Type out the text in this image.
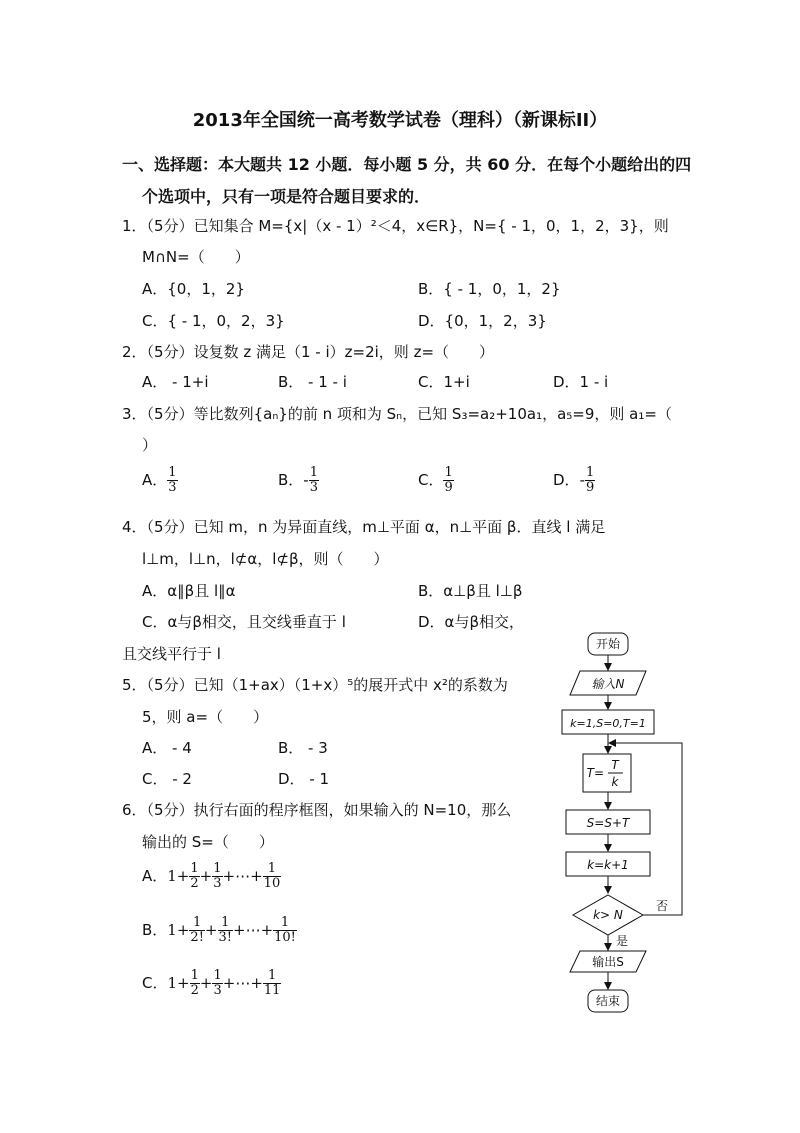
2013年全国统一高考数学试卷（理科）（新课标II）
一、选择题：本大题共 12 小题．每小题 5 分，共 60 分．在每个小题给出的四
个选项中，只有一项是符合题目要求的．
1．（5分）已知集合 M={x|（x - 1）²＜4，x∈R}，N={ - 1，0，1，2，3}，则
M∩N=（　　）
A．{0，1，2}	B．{ - 1，0，1，2}
C．{ - 1，0，2，3}	D．{0，1，2，3}
2．（5分）设复数 z 满足（1 - i）z=2i，则 z=（　　）
A． - 1+i	B． - 1 - i	C．1+i	D．1 - i
3．（5分）等比数列{aₙ}的前 n 项和为 Sₙ，已知 S₃=a₂+10a₁，a₅=9，则 a₁=（
）
A． $\frac{1}{3}$	B．- $\frac{1}{3}$	C． $\frac{1}{9}$	D．- $\frac{1}{9}$
4．（5分）已知 m，n 为异面直线，m⊥平面 α，n⊥平面 β．直线 l 满足
l⊥m，l⊥n，l⊄α，l⊄β，则（　　）
A．α∥β且 l∥α	B．α⊥β且 l⊥β
C．α与β相交，且交线垂直于 l	D．α与β相交，
且交线平行于 l
5．（5分）已知（1+ax）（1+x）⁵的展开式中 x²的系数为
5，则 a=（　　）
A． - 4	B． - 3
C． - 2	D． - 1
6．（5分）执行右面的程序框图，如果输入的 N=10，那么
输出的 S=（　　）
A．$1+ \frac{1}{2} + \frac{1}{3}$ +⋯+ $\frac{1}{10}$
B．$1+ \frac{1}{2!} + \frac{1}{3!}$ +⋯+ $\frac{1}{10!}$
C．$1+ \frac{1}{2} + \frac{1}{3}$ +⋯+ $\frac{1}{11}$
开始
输入N
k=1,S=0,T=1
T=
T
k
S=S+T
k=k+1
k> N
否
是
输出S
结束
